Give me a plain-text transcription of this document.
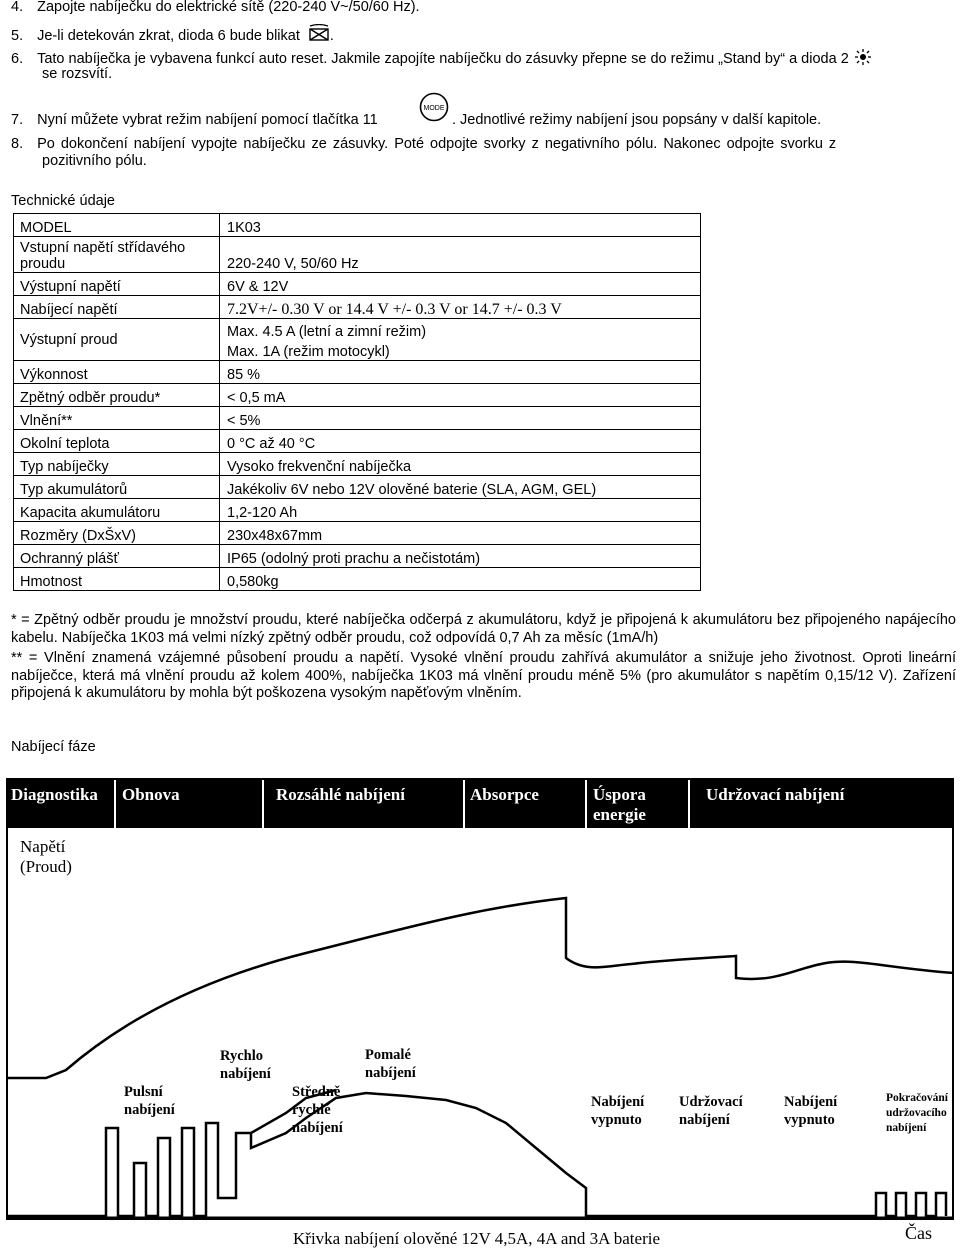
4. Zapojte nabíječku do elektrické sítě (220-240 V~/50/60 Hz).
5. Je-li detekován zkrat, dioda 6 bude blikat .
6. Tato nabíječka je vybavena funkcí auto reset. Jakmile zapojíte nabíječku do zásuvky přepne se do režimu „Stand by“ a dioda 2
se rozsvítí.
7. Nyní můžete vybrat režim nabíjení pomocí tlačítka 11
MODE
. Jednotlivé režimy nabíjení jsou popsány v další kapitole.
8. Po dokončení nabíjení vypojte nabíječku ze zásuvky. Poté odpojte svorky z negativního pólu. Nakonec odpojte svorku z
pozitivního pólu.
Technické údaje
MODEL	1K03

Vstupní napětí střídavého
proudu	220-240 V, 50/60 Hz
Výstupní napětí	6V & 12V
Nabíjecí napětí	7.2V+/- 0.30 V or 14.4 V +/- 0.3 V or 14.7 +/- 0.3 V
Výstupní proud	Max. 4.5 A (letní a zimní režim)
Max. 1A (režim motocykl)

Výkonnost	85 %
Zpětný odběr proudu*	< 0,5 mA
Vlnění**	< 5%
Okolní teplota	0 °C až 40 °C
Typ nabíječky	Vysoko frekvenční nabíječka
Typ akumulátorů	Jakékoliv 6V nebo 12V olověné baterie (SLA, AGM, GEL)
Kapacita akumulátoru	1,2-120 Ah
Rozměry (DxŠxV)	230x48x67mm
Ochranný plášť	IP65 (odolný proti prachu a nečistotám)
Hmotnost	0,580kg
* = Zpětný odběr proudu je množství proudu, které nabíječka odčerpá z akumulátoru, když je připojená k akumulátoru bez připojeného napájecího kabelu. Nabíječka 1K03 má velmi nízký zpětný odběr proudu, což odpovídá 0,7 Ah za měsíc (1mA/h)
** = Vlnění znamená vzájemné působení proudu a napětí. Vysoké vlnění proudu zahřívá akumulátor a snižuje jeho životnost. Oproti lineární nabíječce, která má vlnění proudu až kolem 400%, nabíječka 1K03 má vlnění proudu méně 5% (pro akumulátor s napětím 0,15/12 V). Zařízení připojená k akumulátoru by mohla být poškozena vysokým napěťovým vlněním.
Nabíjecí fáze
Diagnostika Obnova	Rozsáhlé nabíjení	Absorpce	Úspora
energie
Udržovací nabíjení
Napětí
(Proud)
Pulsní
nabíjení
Rychlo
nabíjení
Středně
rychlé
nabíjení
Pomalé
nabíjení
Nabíjení
vypnuto
Udržovací
nabíjení
Nabíjení
vypnuto
Pokračování
udržovacího
nabíjení
Křivka nabíjení olověné 12V 4,5A, 4A and 3A baterie	Čas
